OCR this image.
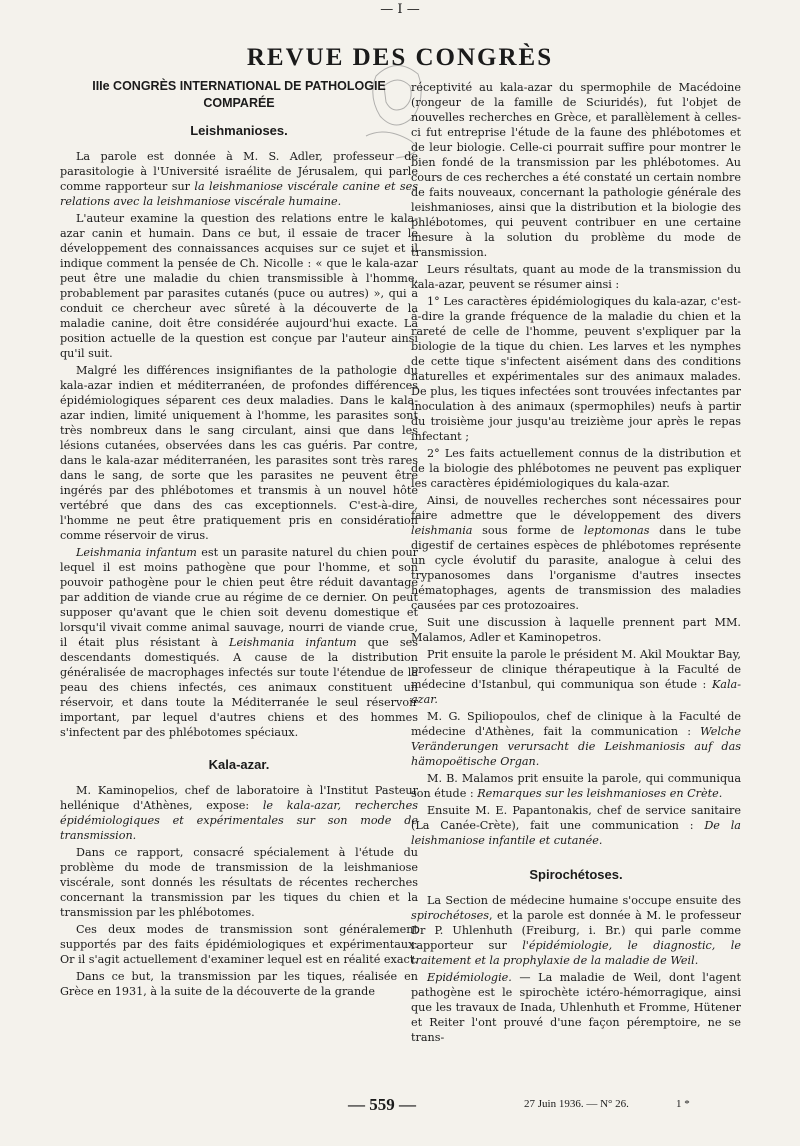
— I —
REVUE DES CONGRÈS
IIIe CONGRÈS INTERNATIONAL DE PATHOLOGIE COMPARÉE
Leishmanioses.

La parole est donnée à M. S. Adler, professeur de parasitologie à l'Université israélite de Jérusalem, qui parle comme rapporteur sur la leishmaniose viscérale canine et ses relations avec la leishmaniose viscérale humaine.

L'auteur examine la question des relations entre le kala-azar canin et humain. Dans ce but, il essaie de tracer le développement des connaissances acquises sur ce sujet et il indique comment la pensée de Ch. Nicolle : « que le kala-azar peut être une maladie du chien transmissible à l'homme, probablement par parasites cutanés (puce ou autres) », qui a conduit ce chercheur avec sûreté à la découverte de la maladie canine, doit être considérée aujourd'hui exacte. La position actuelle de la question est conçue par l'auteur ainsi qu'il suit.

Malgré les différences insignifiantes de la pathologie du kala-azar indien et méditerranéen, de profondes différences épidémiologiques séparent ces deux maladies. Dans le kala-azar indien, limité uniquement à l'homme, les parasites sont très nombreux dans le sang circulant, ainsi que dans les lésions cutanées, observées dans les cas guéris. Par contre, dans le kala-azar méditerranéen, les parasites sont très rares dans le sang, de sorte que les parasites ne peuvent être ingérés par des phlébotomes et transmis à un nouvel hôte vertébré que dans des cas exceptionnels. C'est-à-dire, l'homme ne peut être pratiquement pris en considération comme réservoir de virus.

Leishmania infantum est un parasite naturel du chien pour lequel il est moins pathogène que pour l'homme, et son pouvoir pathogène pour le chien peut être réduit davantage par addition de viande crue au régime de ce dernier. On peut supposer qu'avant que le chien soit devenu domestique et lorsqu'il vivait comme animal sauvage, nourri de viande crue, il était plus résistant à Leishmania infantum que ses descendants domestiqués. A cause de la distribution généralisée de macrophages infectés sur toute l'étendue de la peau des chiens infectés, ces animaux constituent un réservoir, et dans toute la Méditerranée le seul réservoir important, par lequel d'autres chiens et des hommes s'infectent par des phlébotomes spéciaux.

Kala-azar.

M. Kaminopelios, chef de laboratoire à l'Institut Pasteur hellénique d'Athènes, expose: le kala-azar, recherches épidémiologiques et expérimentales sur son mode de transmission.

Dans ce rapport, consacré spécialement à l'étude du problème du mode de transmission de la leishmaniose viscérale, sont donnés les résultats de récentes recherches concernant la transmission par les tiques du chien et la transmission par les phlébotomes.

Ces deux modes de transmission sont généralement supportés par des faits épidémiologiques et expérimentaux. Or il s'agit actuellement d'examiner lequel est en réalité exact.

Dans ce but, la transmission par les tiques, réalisée en Grèce en 1931, à la suite de la découverte de la grande

réceptivité au kala-azar du spermophile de Macédoine (rongeur de la famille de Sciuridés), fut l'objet de nouvelles recherches en Grèce, et parallèlement à celles-ci fut entreprise l'étude de la faune des phlébotomes et de leur biologie. Celle-ci pourrait suffire pour montrer le bien fondé de la transmission par les phlébotomes. Au cours de ces recherches a été constaté un certain nombre de faits nouveaux, concernant la pathologie générale des leishmanioses, ainsi que la distribution et la biologie des phlébotomes, qui peuvent contribuer en une certaine mesure à la solution du problème du mode de transmission.

Leurs résultats, quant au mode de la transmission du kala-azar, peuvent se résumer ainsi :

1° Les caractères épidémiologiques du kala-azar, c'est-à-dire la grande fréquence de la maladie du chien et la rareté de celle de l'homme, peuvent s'expliquer par la biologie de la tique du chien. Les larves et les nymphes de cette tique s'infectent aisément dans des conditions naturelles et expérimentales sur des animaux malades. De plus, les tiques infectées sont trouvées infectantes par inoculation à des animaux (spermophiles) neufs à partir du troisième jour jusqu'au treizième jour après le repas infectant ;

2° Les faits actuellement connus de la distribution et de la biologie des phlébotomes ne peuvent pas expliquer les caractères épidémiologiques du kala-azar.

Ainsi, de nouvelles recherches sont nécessaires pour faire admettre que le développement des divers leishmania sous forme de leptomonas dans le tube digestif de certaines espèces de phlébotomes représente un cycle évolutif du parasite, analogue à celui des trypanosomes dans l'organisme d'autres insectes hématophages, agents de transmission des maladies causées par ces protozoaires.

Suit une discussion à laquelle prennent part MM. Malamos, Adler et Kaminopetros.

Prit ensuite la parole le président M. Akil Mouktar Bay, professeur de clinique thérapeutique à la Faculté de médecine d'Istanbul, qui communiqua son étude : Kala-azar.

M. G. Spiliopoulos, chef de clinique à la Faculté de médecine d'Athènes, fait la communication : Welche Veränderungen verursacht die Leishmaniosis auf das hämopoëtische Organ.

M. B. Malamos prit ensuite la parole, qui communiqua son étude : Remarques sur les leishmanioses en Crète.

Ensuite M. E. Papantonakis, chef de service sanitaire (La Canée-Crète), fait une communication : De la leishmaniose infantile et cutanée.

Spirochétoses.

La Section de médecine humaine s'occupe ensuite des spirochétoses, et la parole est donnée à M. le professeur Dr P. Uhlenhuth (Freiburg, i. Br.) qui parle comme rapporteur sur l'épidémiologie, le diagnostic, le traitement et la prophylaxie de la maladie de Weil.

Epidémiologie. — La maladie de Weil, dont l'agent pathogène est le spirochète ictéro-hémorragique, ainsi que les travaux de Inada, Uhlenhuth et Fromme, Hütener et Reiter l'ont prouvé d'une façon péremptoire, ne se trans-

— 559 —	27 Juin 1936. — N° 26.	1 *
